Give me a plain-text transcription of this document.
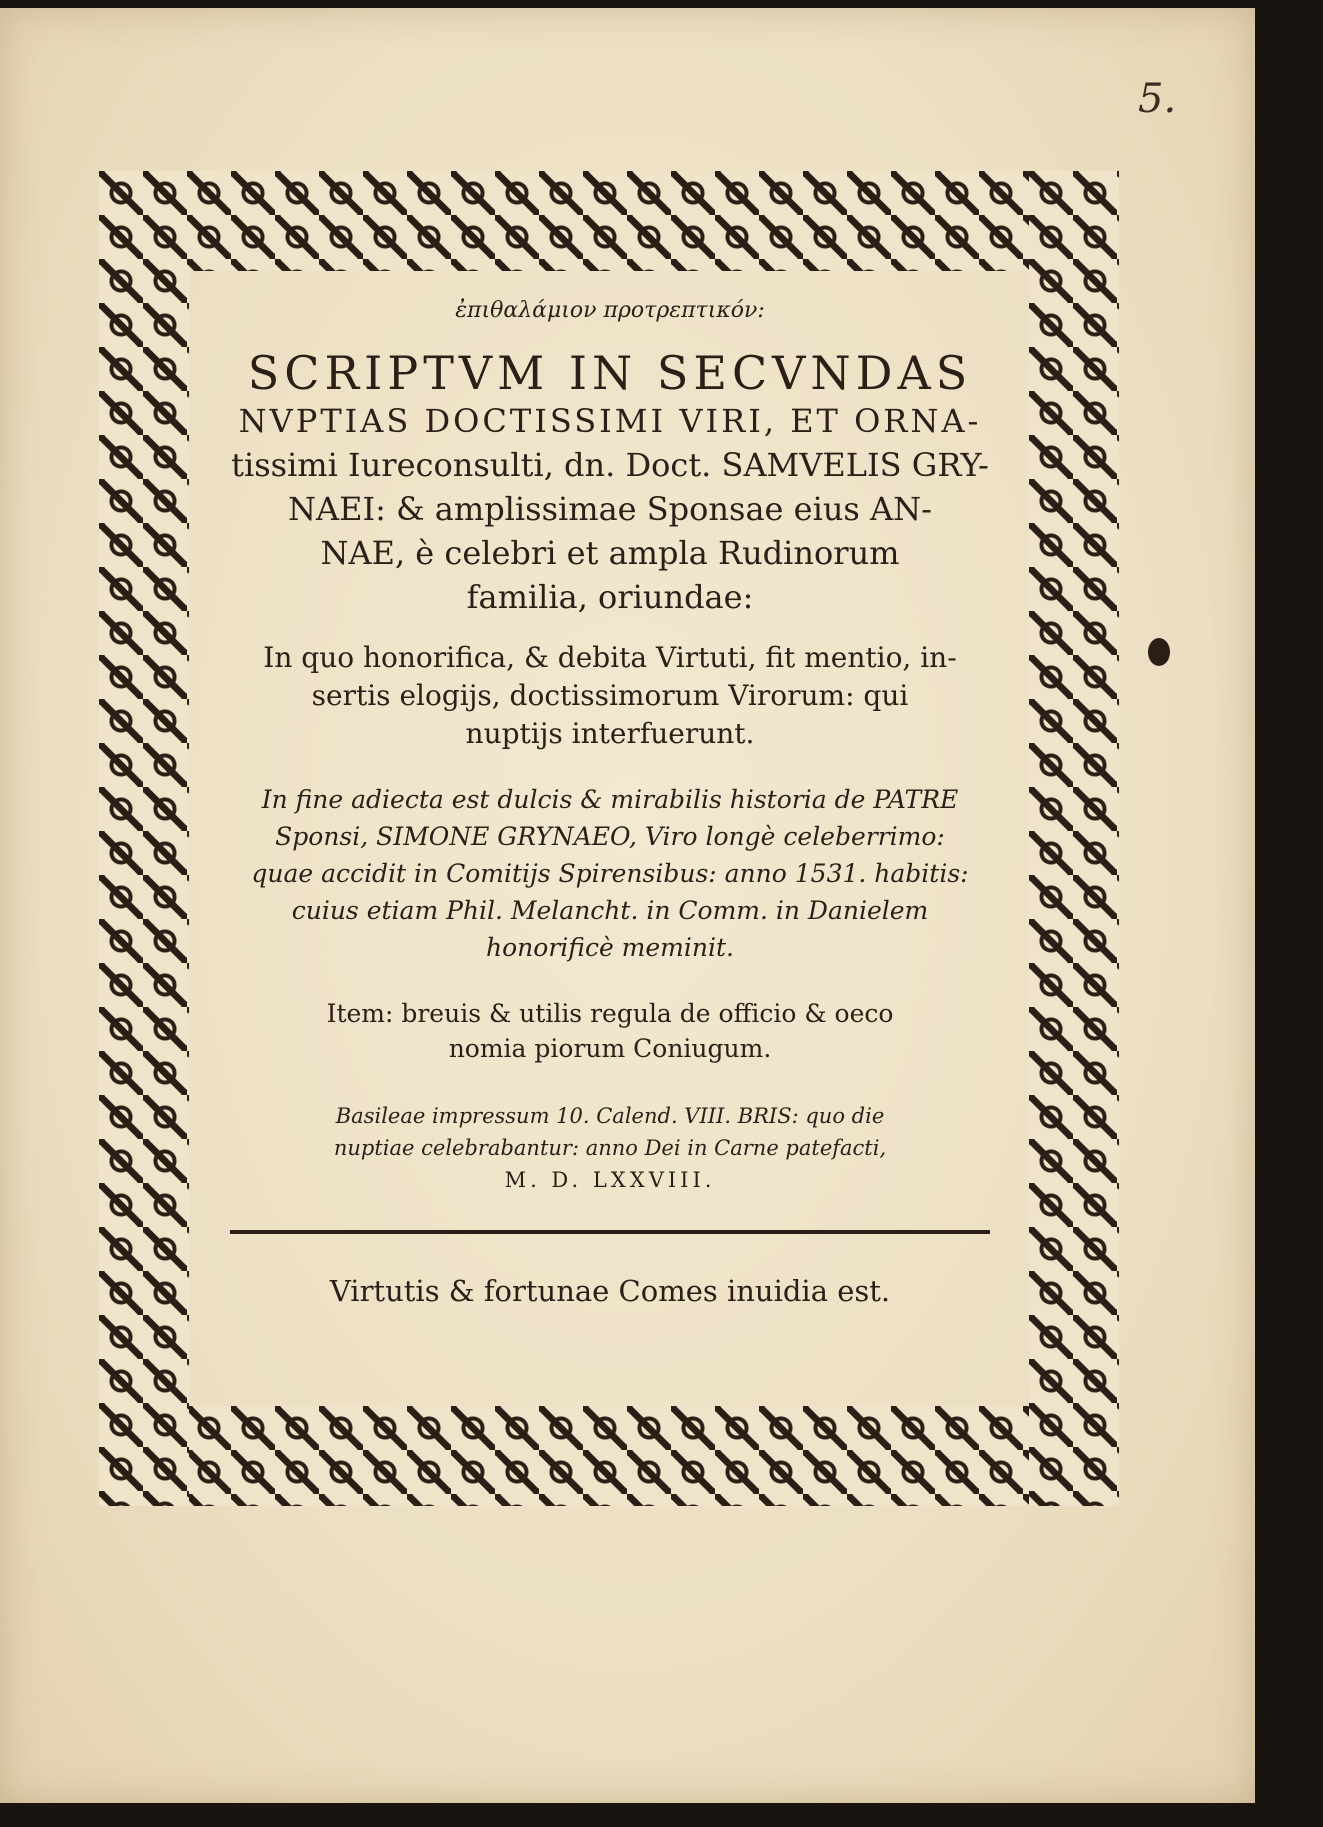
5.
ἐπιθαλάμιον προτρεπτικόν:
SCRIPTVM IN SECVNDAS
NVPTIAS DOCTISSIMI VIRI, ET ORNA-
tissimi Iureconsulti, dn. Doct. SAMVELIS GRY-
NAEI: & amplissimae Sponsae eius AN-
NAE, è celebri et ampla Rudinorum
familia, oriundae:
In quo honorifica, & debita Virtuti, fit mentio, in-
sertis elogijs, doctissimorum Virorum: qui
nuptijs interfuerunt.
In fine adiecta est dulcis & mirabilis historia de PATRE
Sponsi, SIMONE GRYNAEO, Viro longè celeberrimo:
quae accidit in Comitijs Spirensibus: anno 1531. habitis:
cuius etiam Phil. Melancht. in Comm. in Danielem
honorificè meminit.
Item: breuis & utilis regula de officio & oeco
nomia piorum Coniugum.
Basileae impressum 10. Calend. VIII. BRIS: quo die
nuptiae celebrabantur: anno Dei in Carne patefacti,
M. D. LXXVIII.
Virtutis & fortunae Comes inuidia est.
